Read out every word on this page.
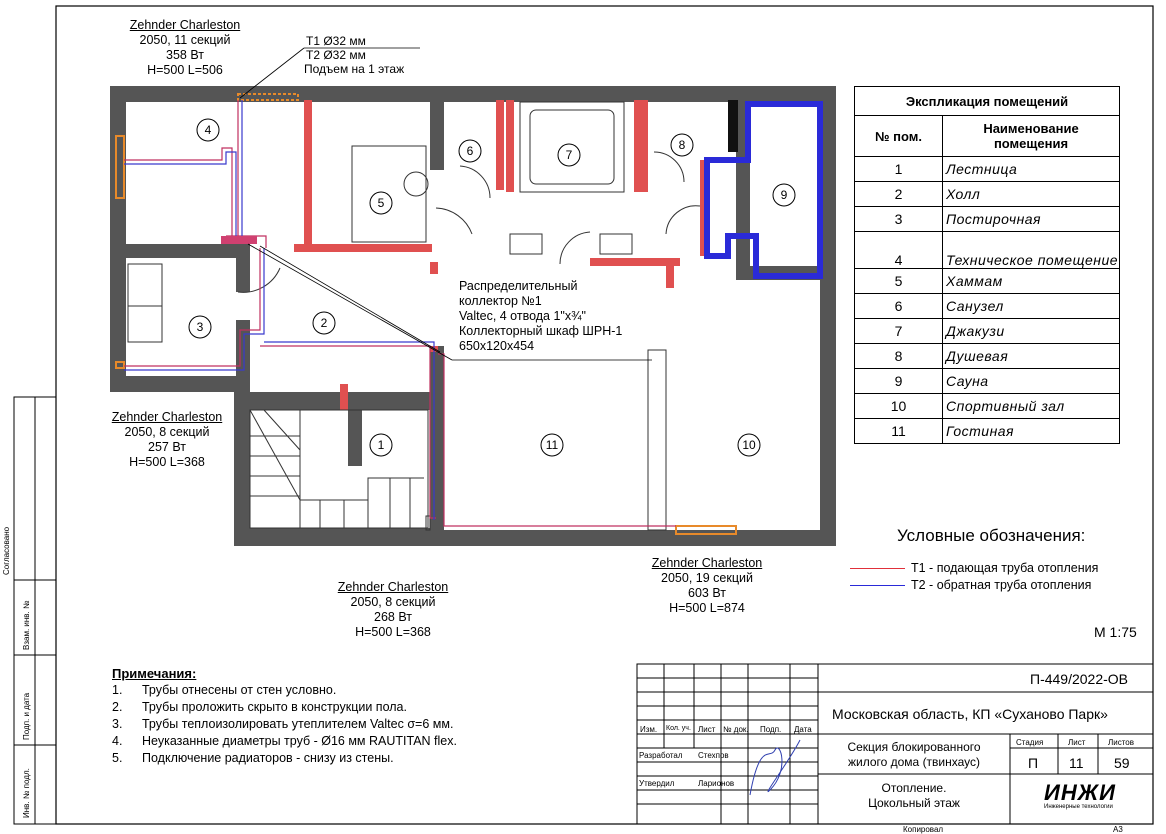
4
5
6	7
8
9
3	2
1	11	10
Zehnder Charleston
2050, 11 секций
358 Вт
H=500 L=506
Т1 Ø32 мм
Т2 Ø32 мм
Подъем на 1 этаж
Распределительный
коллектор №1
Valtec, 4 отвода 1"х¾"
Коллекторный шкаф ШРН-1
650х120х454
Zehnder Charleston
2050, 8 секций
257 Вт
H=500 L=368
Zehnder Charleston
2050, 8 секций
268 Вт
H=500 L=368
Zehnder Charleston
2050, 19 секций
603 Вт
H=500 L=874
Экспликация помещений	
№ пом.	Наименование помещения
1	Лестница
2	Холл
3	Постирочная
4	Техническое помещение
5	Хаммам
6	Санузел
7	Джакузи
8	Душевая
9	Сауна
10	Спортивный зал
11	Гостиная
Условные обозначения:
Т1 - подающая труба отопления
Т2 - обратная труба отопления
М 1:75
Примечания:
1. Трубы отнесены от стен условно.
2. Трубы проложить скрыто в конструкции пола.
3. Трубы теплоизолировать утеплителем Valtec σ=6 мм.
4. Неуказанные диаметры труб - Ø16 мм RAUTITAN flex.
5. Подключение радиаторов - снизу из стены.
П-449/2022-ОВ
Московская область, КП «Суханово Парк»
Секция блокированного
жилого дома (твинхаус)
Отопление.
Цокольный этаж
Стадия	Лист	Листов
П 11 59
ИНЖИ
Инженерные технологии
Изм. Кол. уч. Лист № док. Подп. Дата
Разработал Стехпов
Утвердил	Ларионов
Копировал	А3
Согласовано
Взам. инв. №
Подп. и дата
Инв. № подл.
